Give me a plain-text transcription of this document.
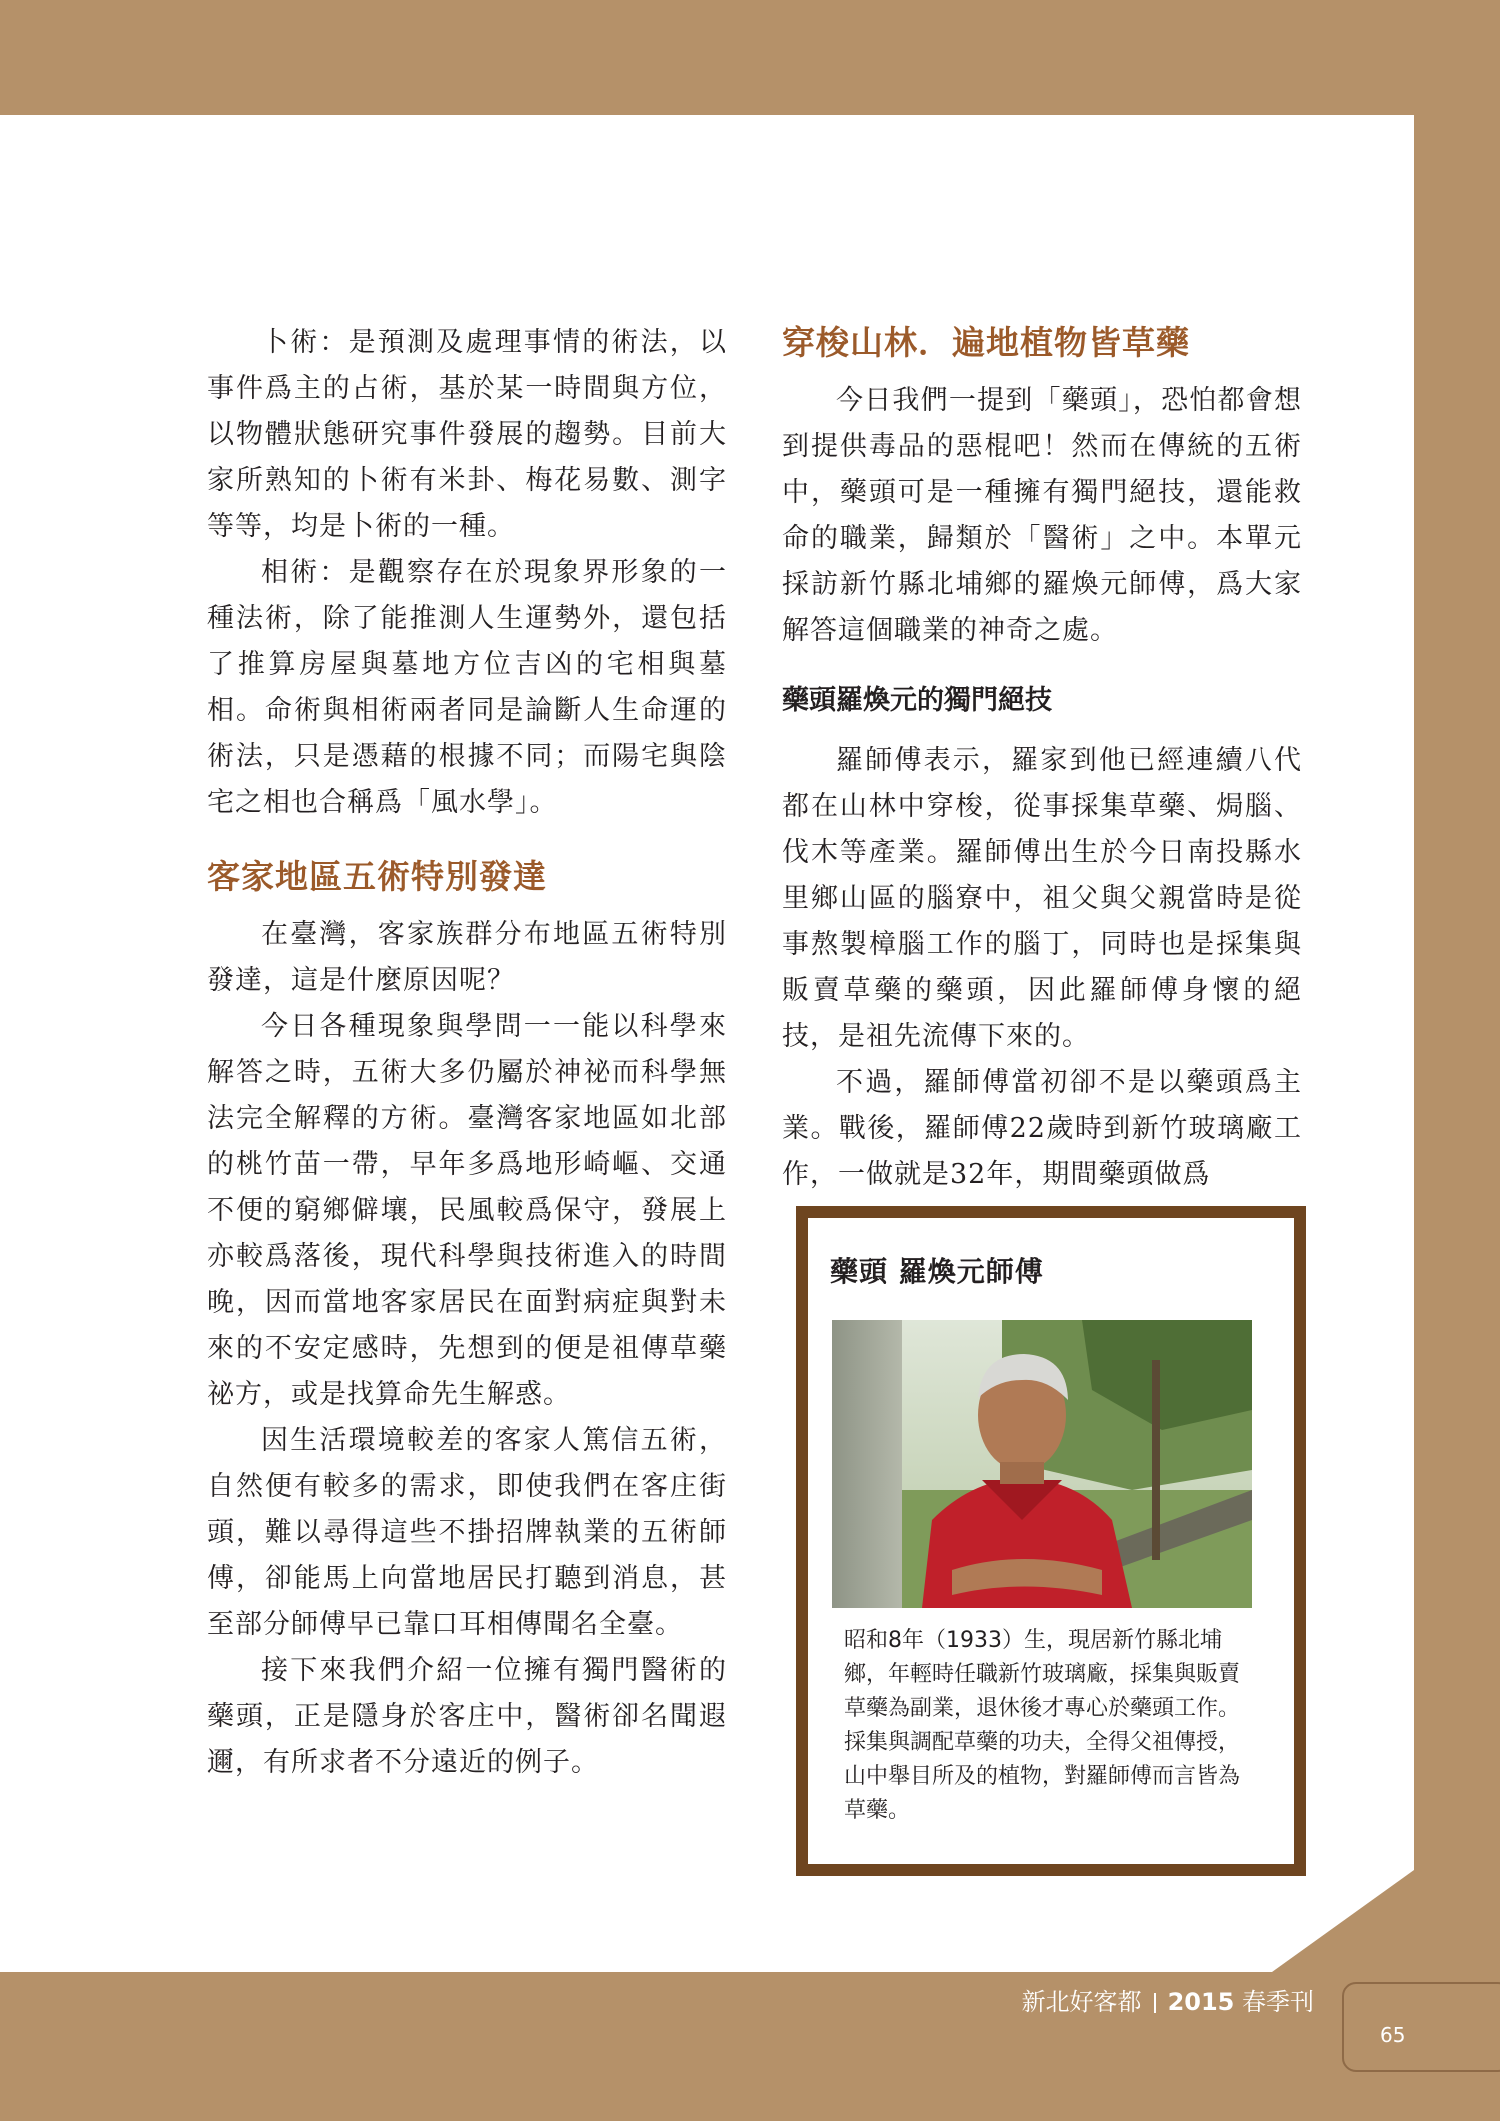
卜術：是預測及處理事情的術法，以事件爲主的占術，基於某一時間與方位，以物體狀態研究事件發展的趨勢。目前大家所熟知的卜術有米卦、梅花易數、測字等等，均是卜術的一種。

相術：是觀察存在於現象界形象的一種法術，除了能推測人生運勢外，還包括了推算房屋與墓地方位吉凶的宅相與墓相。命術與相術兩者同是論斷人生命運的術法，只是憑藉的根據不同；而陽宅與陰宅之相也合稱爲「風水學」。

客家地區五術特別發達

在臺灣，客家族群分布地區五術特別發達，這是什麼原因呢？

今日各種現象與學問一一能以科學來解答之時，五術大多仍屬於神祕而科學無法完全解釋的方術。臺灣客家地區如北部的桃竹苗一帶，早年多爲地形崎嶇、交通不便的窮鄉僻壤，民風較爲保守，發展上亦較爲落後，現代科學與技術進入的時間晚，因而當地客家居民在面對病症與對未來的不安定感時，先想到的便是祖傳草藥祕方，或是找算命先生解惑。

因生活環境較差的客家人篤信五術，自然便有較多的需求，即使我們在客庄街頭，難以尋得這些不掛招牌執業的五術師傅，卻能馬上向當地居民打聽到消息，甚至部分師傅早已靠口耳相傳聞名全臺。

接下來我們介紹一位擁有獨門醫術的藥頭，正是隱身於客庄中，醫術卻名聞遐邇，有所求者不分遠近的例子。

穿梭山林．遍地植物皆草藥

今日我們一提到「藥頭」，恐怕都會想到提供毒品的惡棍吧！然而在傳統的五術中，藥頭可是一種擁有獨門絕技，還能救命的職業，歸類於「醫術」之中。本單元採訪新竹縣北埔鄉的羅煥元師傅，爲大家解答這個職業的神奇之處。

藥頭羅煥元的獨門絕技

羅師傅表示，羅家到他已經連續八代都在山林中穿梭，從事採集草藥、焗腦、伐木等產業。羅師傅出生於今日南投縣水里鄉山區的腦寮中，祖父與父親當時是從事熬製樟腦工作的腦丁，同時也是採集與販賣草藥的藥頭，因此羅師傅身懷的絕技，是祖先流傳下來的。

不過，羅師傅當初卻不是以藥頭爲主業。戰後，羅師傅22歲時到新竹玻璃廠工作，一做就是32年，期間藥頭做爲

藥頭 羅煥元師傅

昭和8年（1933）生，現居新竹縣北埔鄉，年輕時任職新竹玻璃廠，採集與販賣草藥為副業，退休後才專心於藥頭工作。採集與調配草藥的功夫，全得父祖傳授，山中舉目所及的植物，對羅師傅而言皆為草藥。

新北好客都 2015 春季刊
65
